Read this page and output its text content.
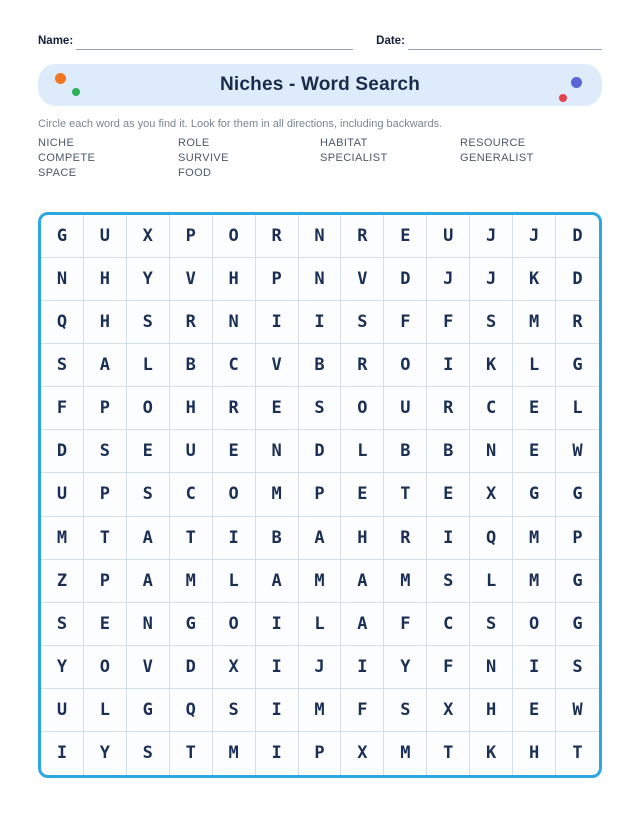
Name:	Date:
Niches - Word Search
Circle each word as you find it. Look for them in all directions, including backwards.
NICHE
COMPETE
SPACE
ROLE
SURVIVE
FOOD
HABITAT
SPECIALIST
RESOURCE
GENERALIST
G	U	X	P	O	R	N	R	E	U	J	J	D
N	H	Y	V	H	P	N	V	D	J	J	K	D
Q	H	S	R	N	I	I	S	F	F	S	M	R
S	A	L	B	C	V	B	R	O	I	K	L	G
F	P	O	H	R	E	S	O	U	R	C	E	L
D	S	E	U	E	N	D	L	B	B	N	E	W
U	P	S	C	O	M	P	E	T	E	X	G	G
M	T	A	T	I	B	A	H	R	I	Q	M	P
Z	P	A	M	L	A	M	A	M	S	L	M	G
S	E	N	G	O	I	L	A	F	C	S	O	G
Y	O	V	D	X	I	J	I	Y	F	N	I	S
U	L	G	Q	S	I	M	F	S	X	H	E	W
I	Y	S	T	M	I	P	X	M	T	K	H	T
